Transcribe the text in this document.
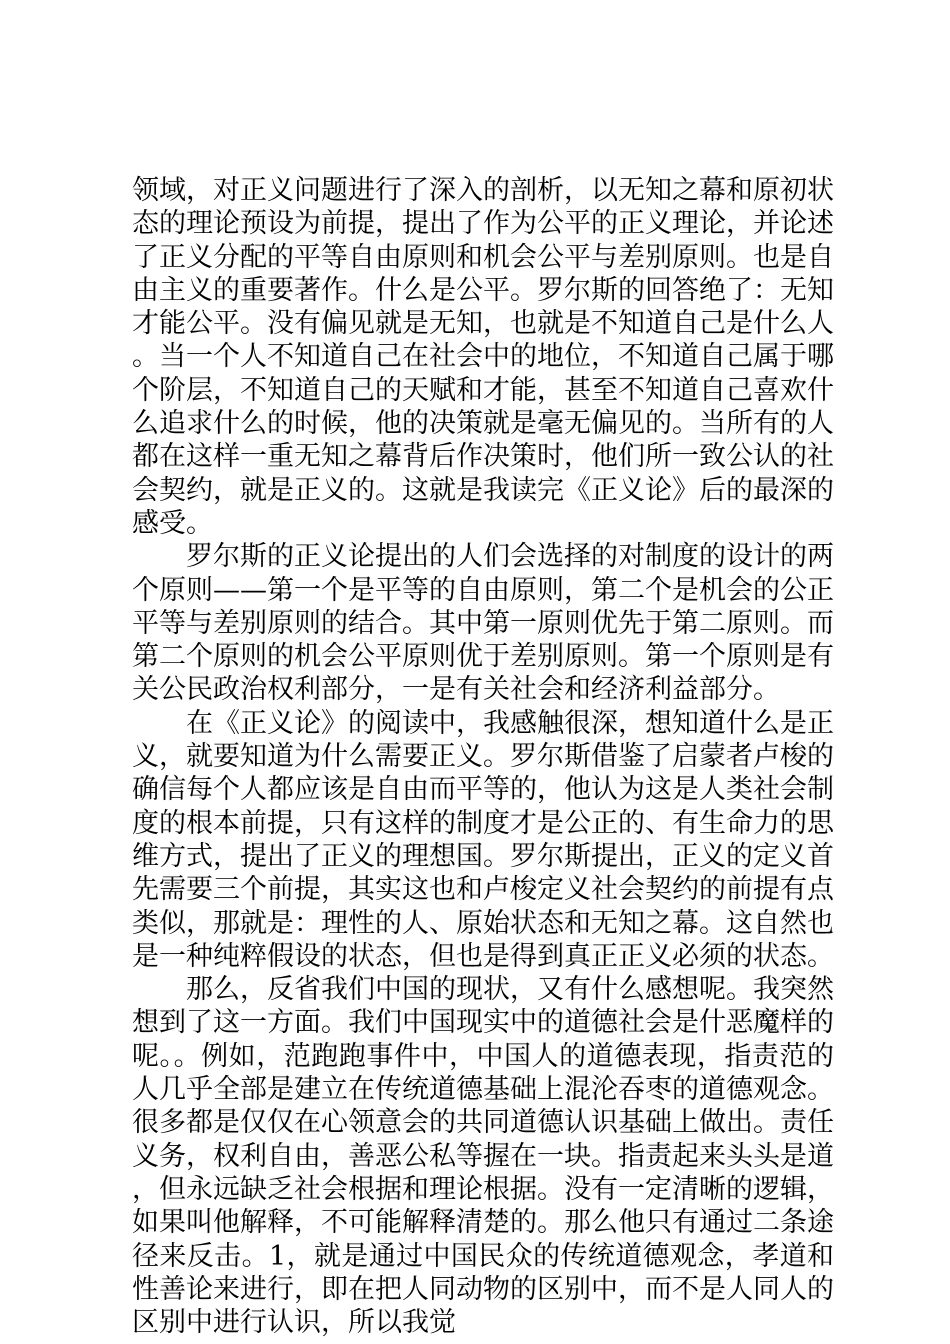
领域，对正义问题进行了深入的剖析，以无知之幕和原初状态的理论预设为前提，提出了作为公平的正义理论，并论述了正义分配的平等自由原则和机会公平与差别原则。也是自由主义的重要著作。什么是公平。罗尔斯的回答绝了：无知才能公平。没有偏见就是无知，也就是不知道自己是什么人。当一个人不知道自己在社会中的地位，不知道自己属于哪个阶层，不知道自己的天赋和才能，甚至不知道自己喜欢什么追求什么的时候，他的决策就是毫无偏见的。当所有的人都在这样一重无知之幕背后作决策时，他们所一致公认的社会契约，就是正义的。这就是我读完《正义论》后的最深的感受。

罗尔斯的正义论提出的人们会选择的对制度的设计的两个原则——第一个是平等的自由原则，第二个是机会的公正平等与差别原则的结合。其中第一原则优先于第二原则。而第二个原则的机会公平原则优于差别原则。第一个原则是有关公民政治权利部分，一是有关社会和经济利益部分。

在《正义论》的阅读中，我感触很深，想知道什么是正义，就要知道为什么需要正义。罗尔斯借鉴了启蒙者卢梭的确信每个人都应该是自由而平等的，他认为这是人类社会制度的根本前提，只有这样的制度才是公正的、有生命力的思维方式，提出了正义的理想国。罗尔斯提出，正义的定义首先需要三个前提，其实这也和卢梭定义社会契约的前提有点类似，那就是：理性的人、原始状态和无知之幕。这自然也是一种纯粹假设的状态，但也是得到真正正义必须的状态。

那么，反省我们中国的现状，又有什么感想呢。我突然想到了这一方面。我们中国现实中的道德社会是什恶魔样的呢。。例如，范跑跑事件中，中国人的道德表现，指责范的人几乎全部是建立在传统道德基础上混沦吞枣的道德观念。很多都是仅仅在心领意会的共同道德认识基础上做出。责任义务，权利自由，善恶公私等握在一块。指责起来头头是道，但永远缺乏社会根据和理论根据。没有一定清晰的逻辑，如果叫他解释，不可能解释清楚的。那么他只有通过二条途径来反击。1，就是通过中国民众的传统道德观念，孝道和性善论来进行，即在把人同动物的区别中，而不是人同人的区别中进行认识，所以我觉
